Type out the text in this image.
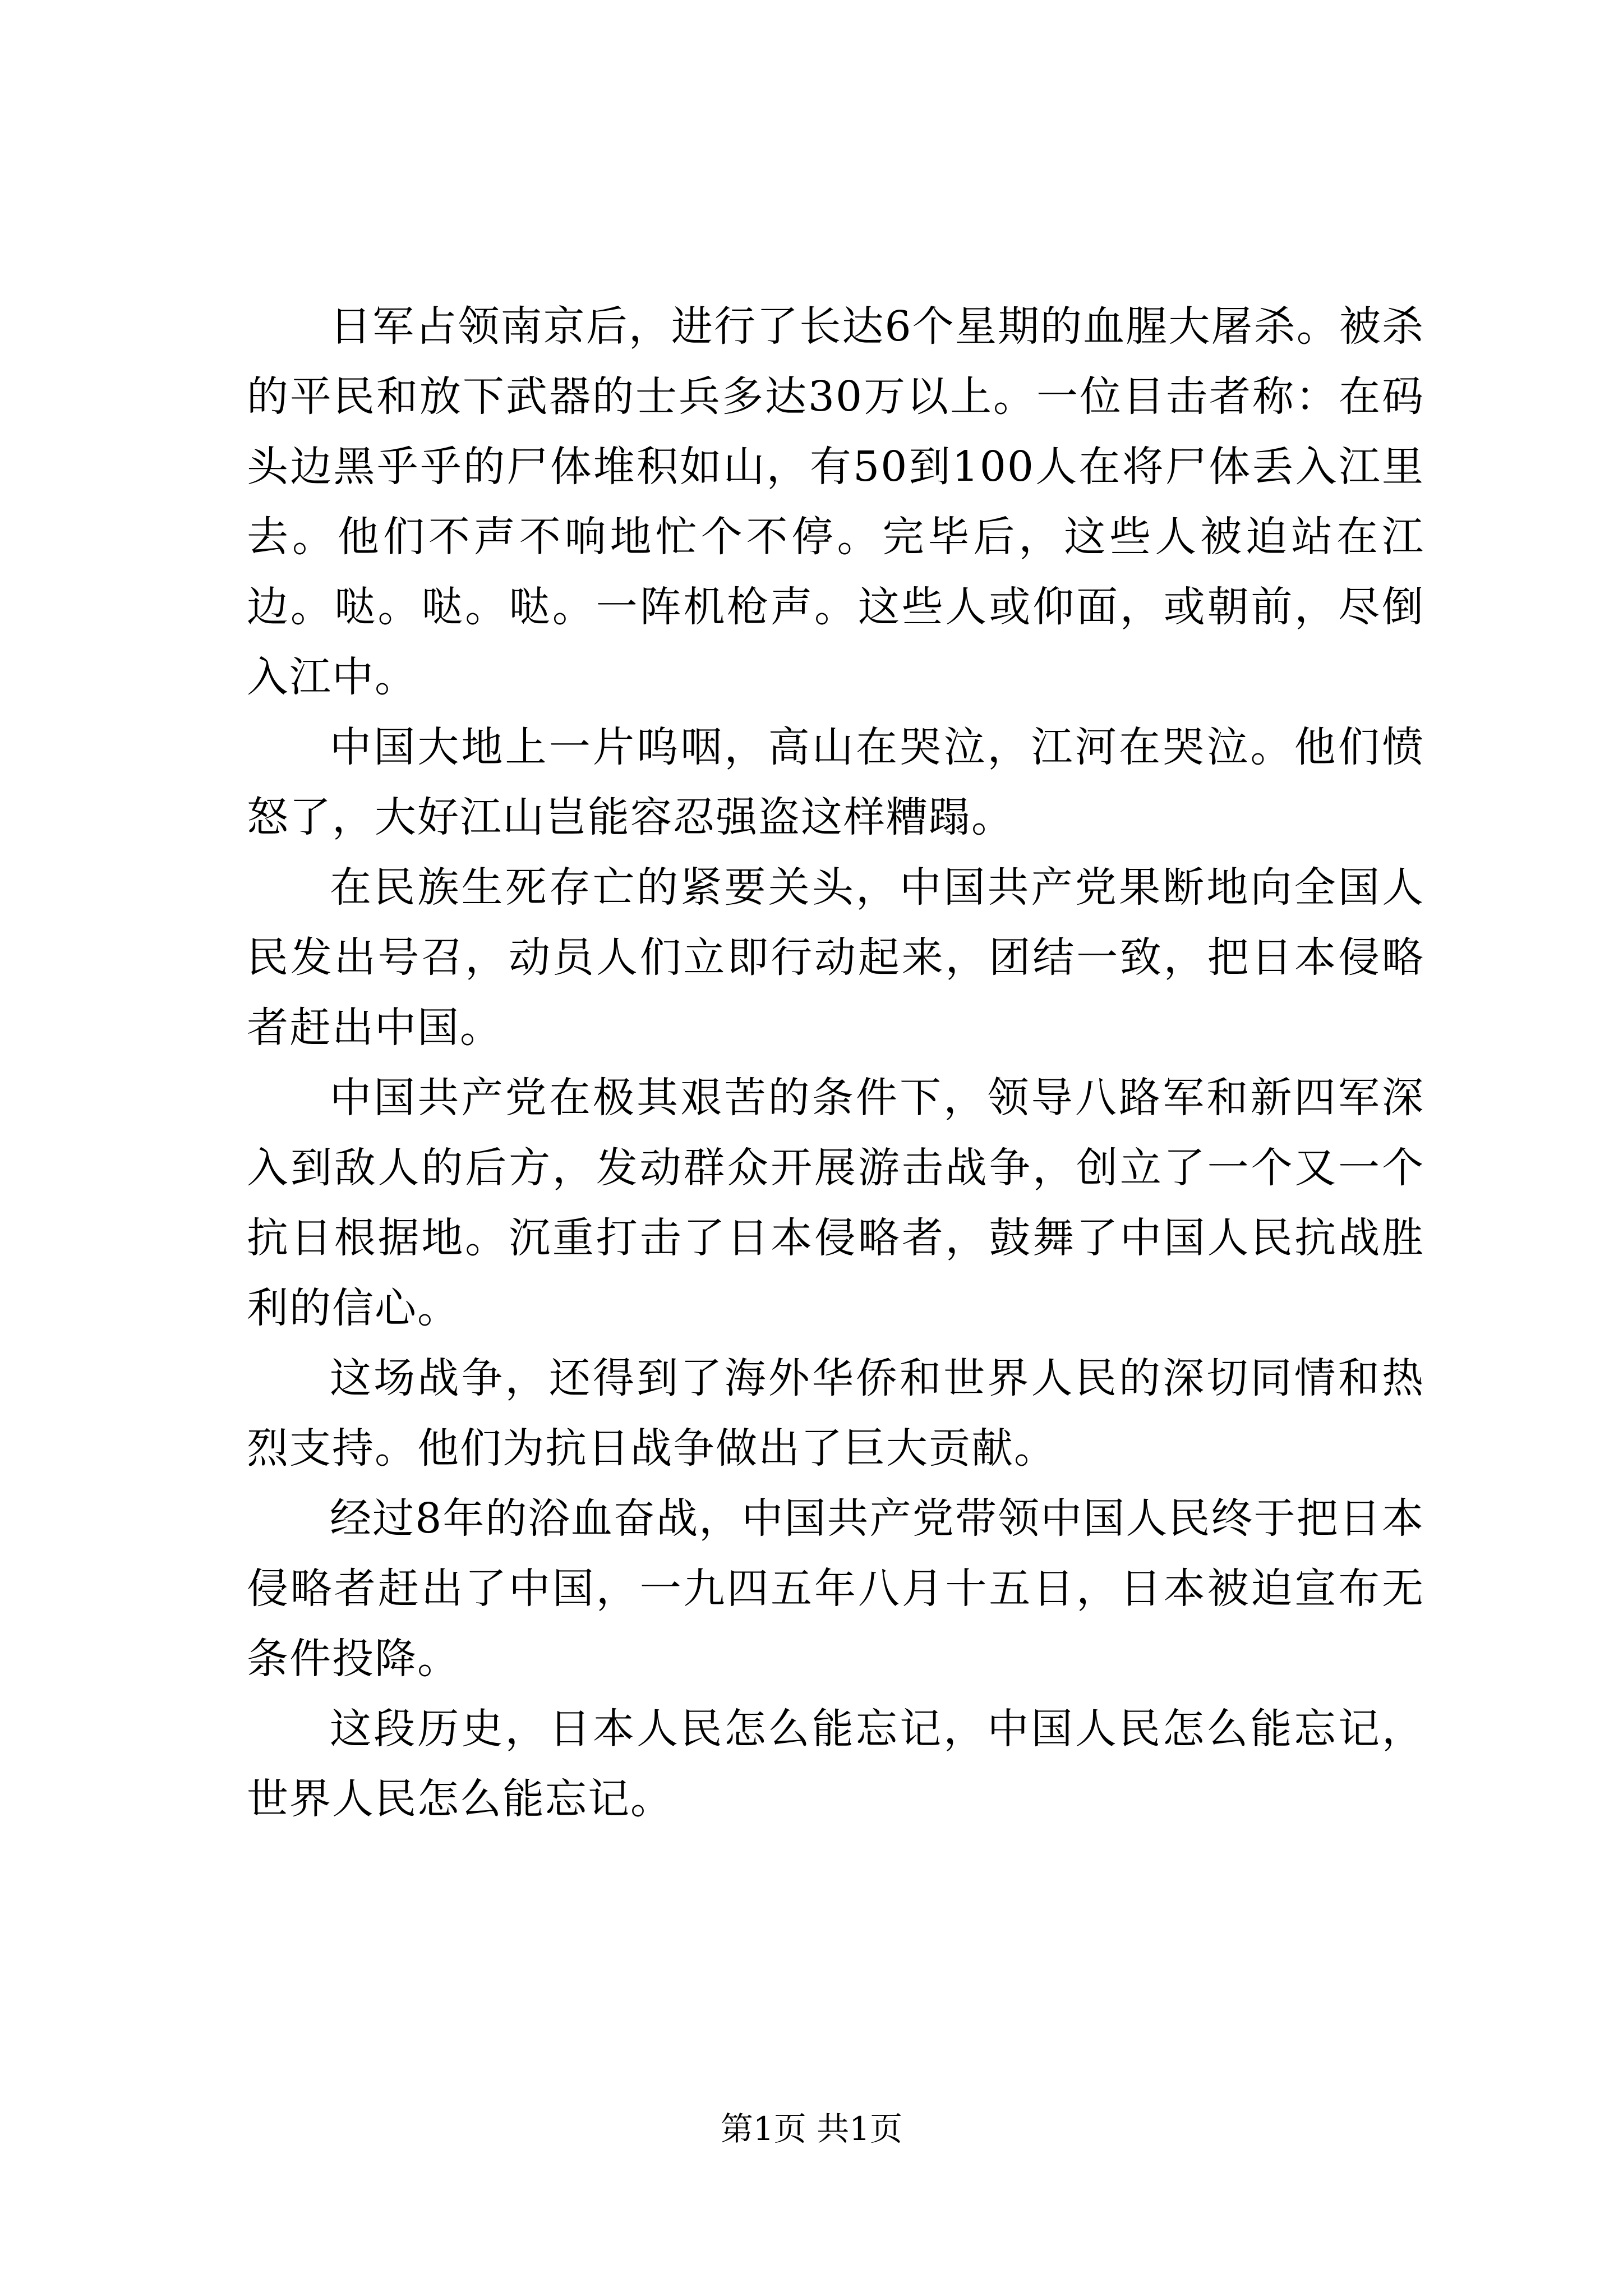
日军占领南京后，进行了长达6个星期的血腥大屠杀。被杀的平民和放下武器的士兵多达30万以上。一位目击者称：在码头边黑乎乎的尸体堆积如山，有50到100人在将尸体丢入江里去。他们不声不响地忙个不停。完毕后，这些人被迫站在江边。哒。哒。哒。一阵机枪声。这些人或仰面，或朝前，尽倒入江中。

中国大地上一片呜咽，高山在哭泣，江河在哭泣。他们愤怒了，大好江山岂能容忍强盗这样糟蹋。

在民族生死存亡的紧要关头，中国共产党果断地向全国人民发出号召，动员人们立即行动起来，团结一致，把日本侵略者赶出中国。

中国共产党在极其艰苦的条件下，领导八路军和新四军深入到敌人的后方，发动群众开展游击战争，创立了一个又一个抗日根据地。沉重打击了日本侵略者，鼓舞了中国人民抗战胜利的信心。

这场战争，还得到了海外华侨和世界人民的深切同情和热烈支持。他们为抗日战争做出了巨大贡献。

经过8年的浴血奋战，中国共产党带领中国人民终于把日本侵略者赶出了中国，一九四五年八月十五日，日本被迫宣布无条件投降。

这段历史，日本人民怎么能忘记，中国人民怎么能忘记，世界人民怎么能忘记。

第1页 共1页
